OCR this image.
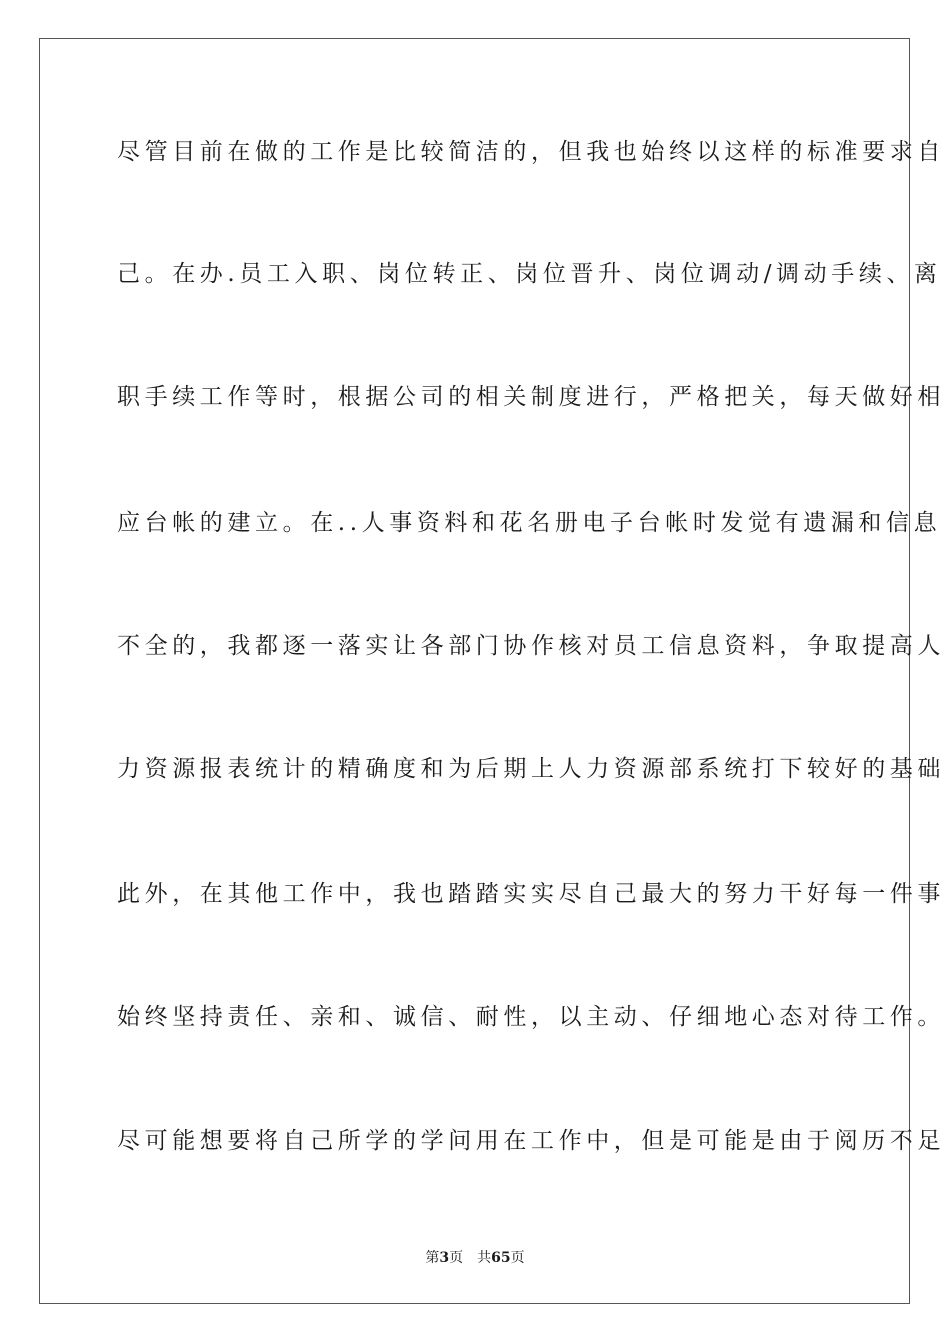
尽管目前在做的工作是比较简洁的，但我也始终以这样的标准要求自
己。在办.员工入职、岗位转正、岗位晋升、岗位调动/调动手续、离
职手续工作等时，根据公司的相关制度进行，严格把关，每天做好相
应台帐的建立。在..人事资料和花名册电子台帐时发觉有遗漏和信息
不全的，我都逐一落实让各部门协作核对员工信息资料，争取提高人
力资源报表统计的精确度和为后期上人力资源部系统打下较好的基础
此外，在其他工作中，我也踏踏实实尽自己最大的努力干好每一件事
始终坚持责任、亲和、诚信、耐性，以主动、仔细地心态对待工作。
尽可能想要将自己所学的学问用在工作中，但是可能是由于阅历不足
第3页 共65页
